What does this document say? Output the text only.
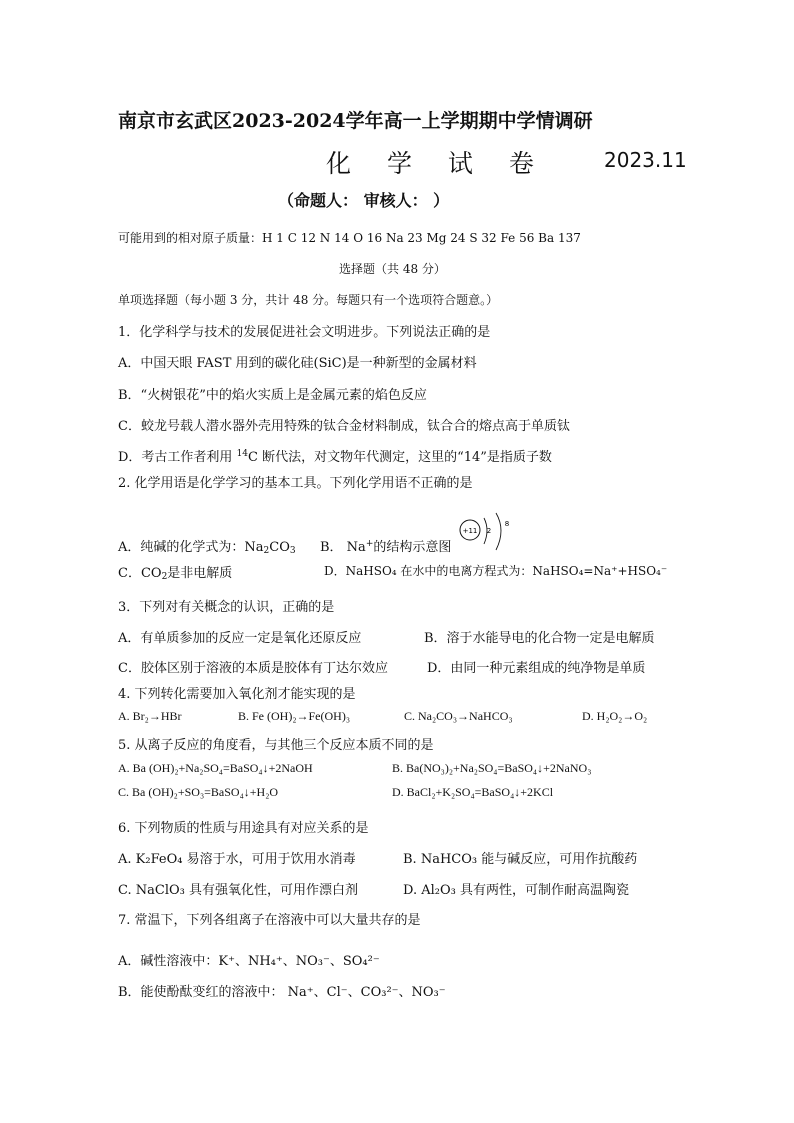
南京市玄武区2023-2024学年高一上学期期中学情调研
化 学 试 卷	2023.11
（命题人： 审核人： ）
可能用到的相对原子质量：H 1 C 12 N 14 O 16 Na 23 Mg 24 S 32 Fe 56 Ba 137
选择题（共 48 分）
单项选择题（每小题 3 分，共计 48 分。每题只有一个选项符合题意。）
1．化学科学与技术的发展促进社会文明进步。下列说法正确的是
A．中国天眼 FAST 用到的碳化硅(SiC)是一种新型的金属材料
B．“火树银花”中的焰火实质上是金属元素的焰色反应
C．蛟龙号载人潜水器外壳用特殊的钛合金材料制成，钛合合的熔点高于单质钛
D．考古工作者利用 $^{14}$C 断代法，对文物年代测定，这里的“14”是指质子数
2. 化学用语是化学学习的基本工具。下列化学用语不正确的是
A．纯碱的化学式为：$Na_2CO_3$ B． Na+的结构示意图
+11 2
8
C．$CO_2$是非电解质	D．NaHSO₄ 在水中的电离方程式为：NaHSO₄=Na⁺+HSO₄⁻
3．下列对有关概念的认识，正确的是
A．有单质参加的反应一定是氧化还原反应	B．溶于水能导电的化合物一定是电解质
C．胶体区别于溶液的本质是胶体有丁达尔效应	D．由同一种元素组成的纯净物是单质
4. 下列转化需要加入氧化剂才能实现的是
A. Br₂→HBr	B. Fe (OH)₂→Fe(OH)₃	C. Na₂CO₃→NaHCO₃	D. H₂O₂→O₂
5. 从离子反应的角度看，与其他三个反应本质不同的是
A. Ba (OH)₂+Na₂SO₄=BaSO₄↓+2NaOH	B. Ba(NO₃)₂+Na₂SO₄=BaSO₄↓+2NaNO₃
C. Ba (OH)₂+SO₃=BaSO₄↓+H₂O	D. BaCl₂+K₂SO₄=BaSO₄↓+2KCl
6. 下列物质的性质与用途具有对应关系的是
A. K₂FeO₄ 易溶于水，可用于饮用水消毒	B. NaHCO₃ 能与碱反应，可用作抗酸药
C. NaClO₃ 具有强氧化性，可用作漂白剂	D. Al₂O₃ 具有两性，可制作耐高温陶瓷
7. 常温下，下列各组离子在溶液中可以大量共存的是
A．碱性溶液中：K⁺、NH₄⁺、NO₃⁻、SO₄²⁻
B．能使酚酞变红的溶液中： Na⁺、Cl⁻、CO₃²⁻、NO₃⁻
